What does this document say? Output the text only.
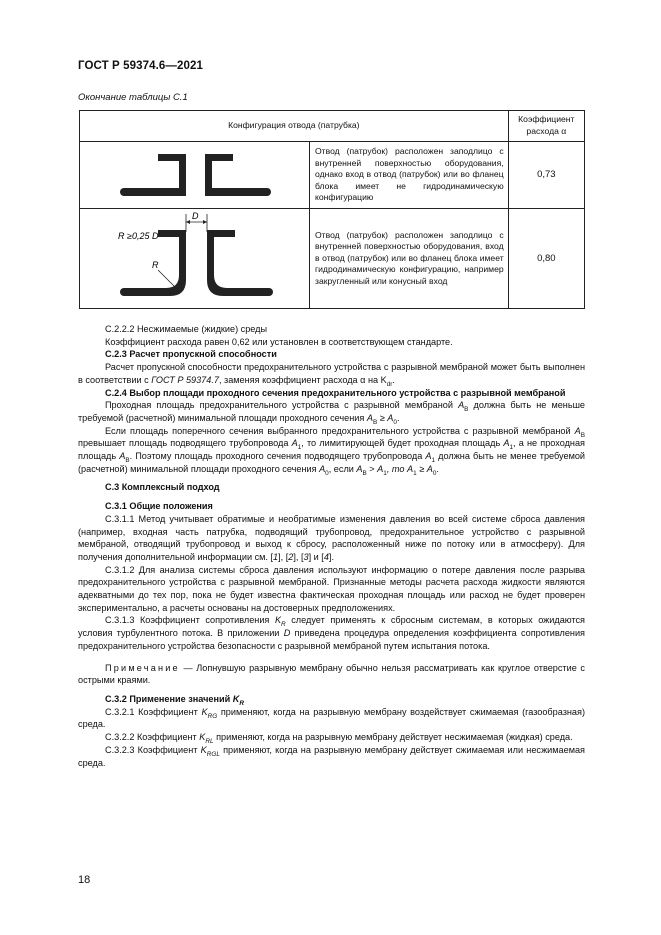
ГОСТ Р 59374.6—2021
Окончание таблицы С.1
Конфигурация отвода (патрубка)		Коэффициент
расхода α

	Отвод (патрубок) расположен заподлицо с внутренней поверхностью оборудования, однако вход в отвод (патрубок) или во фланец блока имеет не гидродинамическую конфигурацию	0,73

D
R ≥0,25 D
R	Отвод (патрубок) расположен заподлицо с внутренней поверхностью оборудования, вход в отвод (патрубок) или во фланец блока имеет гидродинамическую конфигурацию, например закругленный или конусный вход	0,80

С.2.2.2 Несжимаемые (жидкие) среды

Коэффициент расхода равен 0,62 или установлен в соответствующем стандарте.

С.2.3 Расчет пропускной способности

Расчет пропускной способности предохранительного устройства с разрывной мембраной может быть выполнен в соответствии с ГОСТ Р 59374.7, заменяя коэффициент расхода α на $K_{dr}$.

С.2.4 Выбор площади проходного сечения предохранительного устройства с разрывной мембраной

Проходная площадь предохранительного устройства с разрывной мембраной $A_B$ должна быть не меньше требуемой (расчетной) минимальной площади проходного сечения $A_B \ge A_0$.

Если площадь поперечного сечения выбранного предохранительного устройства с разрывной мембраной $A_B$ превышает площадь подводящего трубопровода $A_1$, то лимитирующей будет проходная площадь $A_1$, а не проходная площадь $A_B$. Поэтому площадь проходного сечения подводящего трубопровода $A_1$ должна быть не менее требуемой (расчетной) минимальной площади проходного сечения $A_0$, если $A_B > A_1$, то $A_1 \ge A_0$.

С.3 Комплексный подход

С.3.1 Общие положения

С.3.1.1 Метод учитывает обратимые и необратимые изменения давления во всей системе сброса давления (например, входная часть патрубка, подводящий трубопровод, предохранительное устройство с разрывной мембраной, отводящий трубопровод и выход к сбросу, расположенный ниже по потоку или в атмосферу). Для получения дополнительной информации см. [1], [2], [3] и [4].

С.3.1.2 Для анализа системы сброса давления используют информацию о потере давления после разрыва предохранительного устройства с разрывной мембраной. Признанные методы расчета расхода жидкости являются адекватными до тех пор, пока не будет известна фактическая проходная площадь или расход не будет проверен экспериментально, а расчеты основаны на достоверных предположениях.

С.3.1.3 Коэффициент сопротивления $K_R$ следует применять к сбросным системам, в которых ожидаются условия турбулентного потока. В приложении D приведена процедура определения коэффициента сопротивления предохранительного устройства безопасности с разрывной мембраной путем испытания потока.

Примечание — Лопнувшую разрывную мембрану обычно нельзя рассматривать как круглое отверстие с острыми краями.

С.3.2 Применение значений $K_R$

С.3.2.1 Коэффициент $K_{RG}$ применяют, когда на разрывную мембрану воздействует сжимаемая (газообразная) среда.

С.3.2.2 Коэффициент $K_{RL}$ применяют, когда на разрывную мембрану действует несжимаемая (жидкая) среда.

С.3.2.3 Коэффициент $K_{RGL}$ применяют, когда на разрывную мембрану действует сжимаемая или несжимаемая среда.

18
